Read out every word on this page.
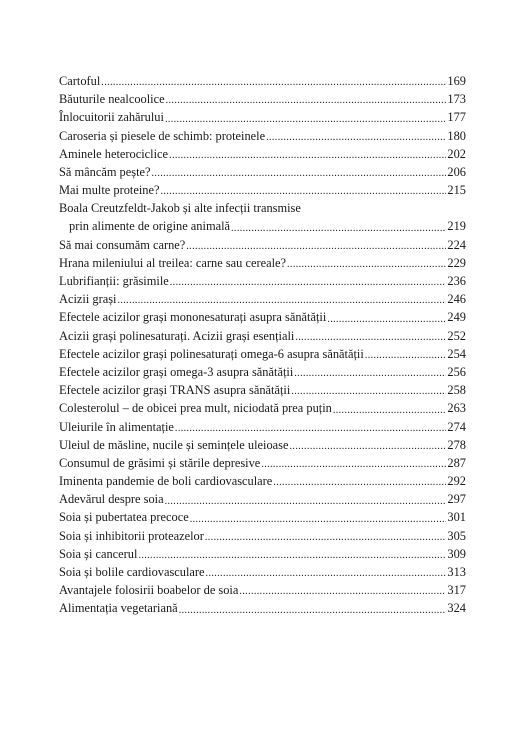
Cartoful .....	169
Băuturile nealcoolice .....	173
Înlocuitorii zahărului .....	177
Caroseria și piesele de schimb: proteinele .....	180
Aminele heterociclice .....	202
Să mâncăm pește? .....	206
Mai multe proteine? .....	215
Boala Creutzfeldt-Jakob și alte infecții transmise
prin alimente de origine animală .....	219
Să mai consumăm carne? .....	224
Hrana mileniului al treilea: carne sau cereale? .....	229
Lubrifianții: grăsimile .....	236
Acizii grași .....	246
Efectele acizilor grași mononesaturați asupra sănătății .....	249
Acizii grași polinesaturați. Acizii grași esențiali .....	252
Efectele acizilor grași polinesaturați omega-6 asupra sănătății .....	254
Efectele acizilor grași omega-3 asupra sănătății .....	256
Efectele acizilor grași TRANS asupra sănătății .....	258
Colesterolul – de obicei prea mult, niciodată prea puțin .....	263
Uleiurile în alimentație .....	274
Uleiul de măsline, nucile și semințele uleioase .....	278
Consumul de grăsimi și stările depresive .....	287
Iminenta pandemie de boli cardiovasculare .....	292
Adevărul despre soia .....	297
Soia și pubertatea precoce .....	301
Soia și inhibitorii proteazelor .....	305
Soia și cancerul .....	309
Soia și bolile cardiovasculare .....	313
Avantajele folosirii boabelor de soia .....	317
Alimentația vegetariană .....	324
